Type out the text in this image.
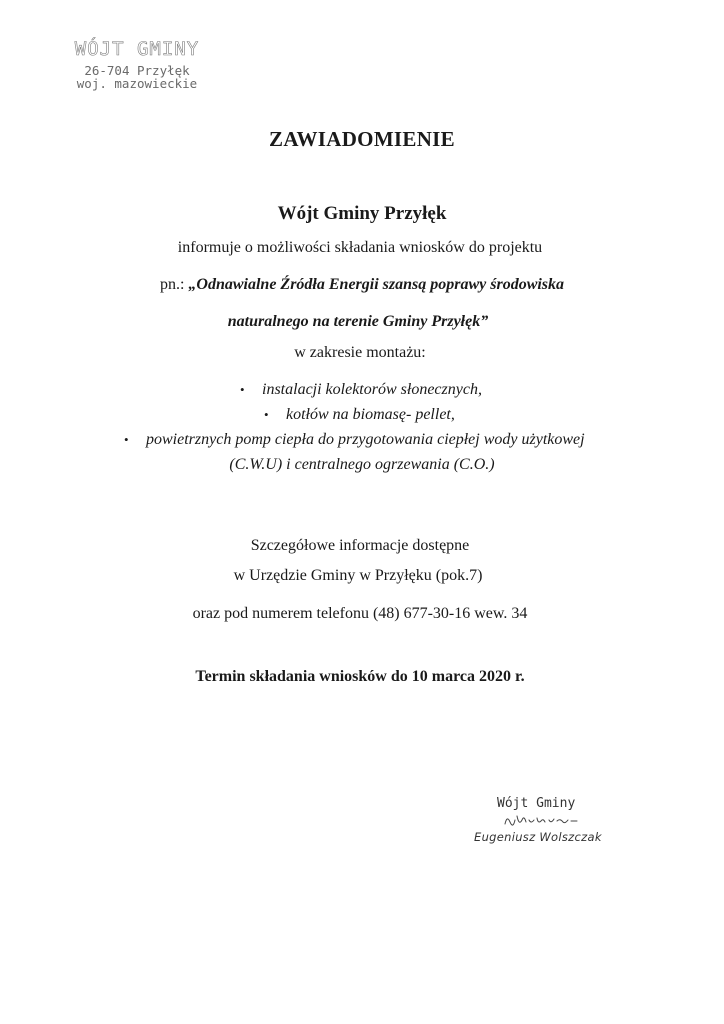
WÓJT GMINY
26-704 Przyłęk
woj. mazowieckie
ZAWIADOMIENIE
Wójt Gminy Przyłęk
informuje o możliwości składania wniosków do projektu
pn.: „Odnawialne Źródła Energii szansą poprawy środowiska
naturalnego na terenie Gminy Przyłęk”
w zakresie montażu:
• instalacji kolektorów słonecznych,
• kotłów na biomasę- pellet,
• powietrznych pomp ciepła do przygotowania ciepłej wody użytkowej
(C.W.U) i centralnego ogrzewania (C.O.)
Szczegółowe informacje dostępne
w Urzędzie Gminy w Przyłęku (pok.7)
oraz pod numerem telefonu (48) 677-30-16 wew. 34
Termin składania wniosków do 10 marca 2020 r.
Wójt Gminy
Eugeniusz Wolszczak
